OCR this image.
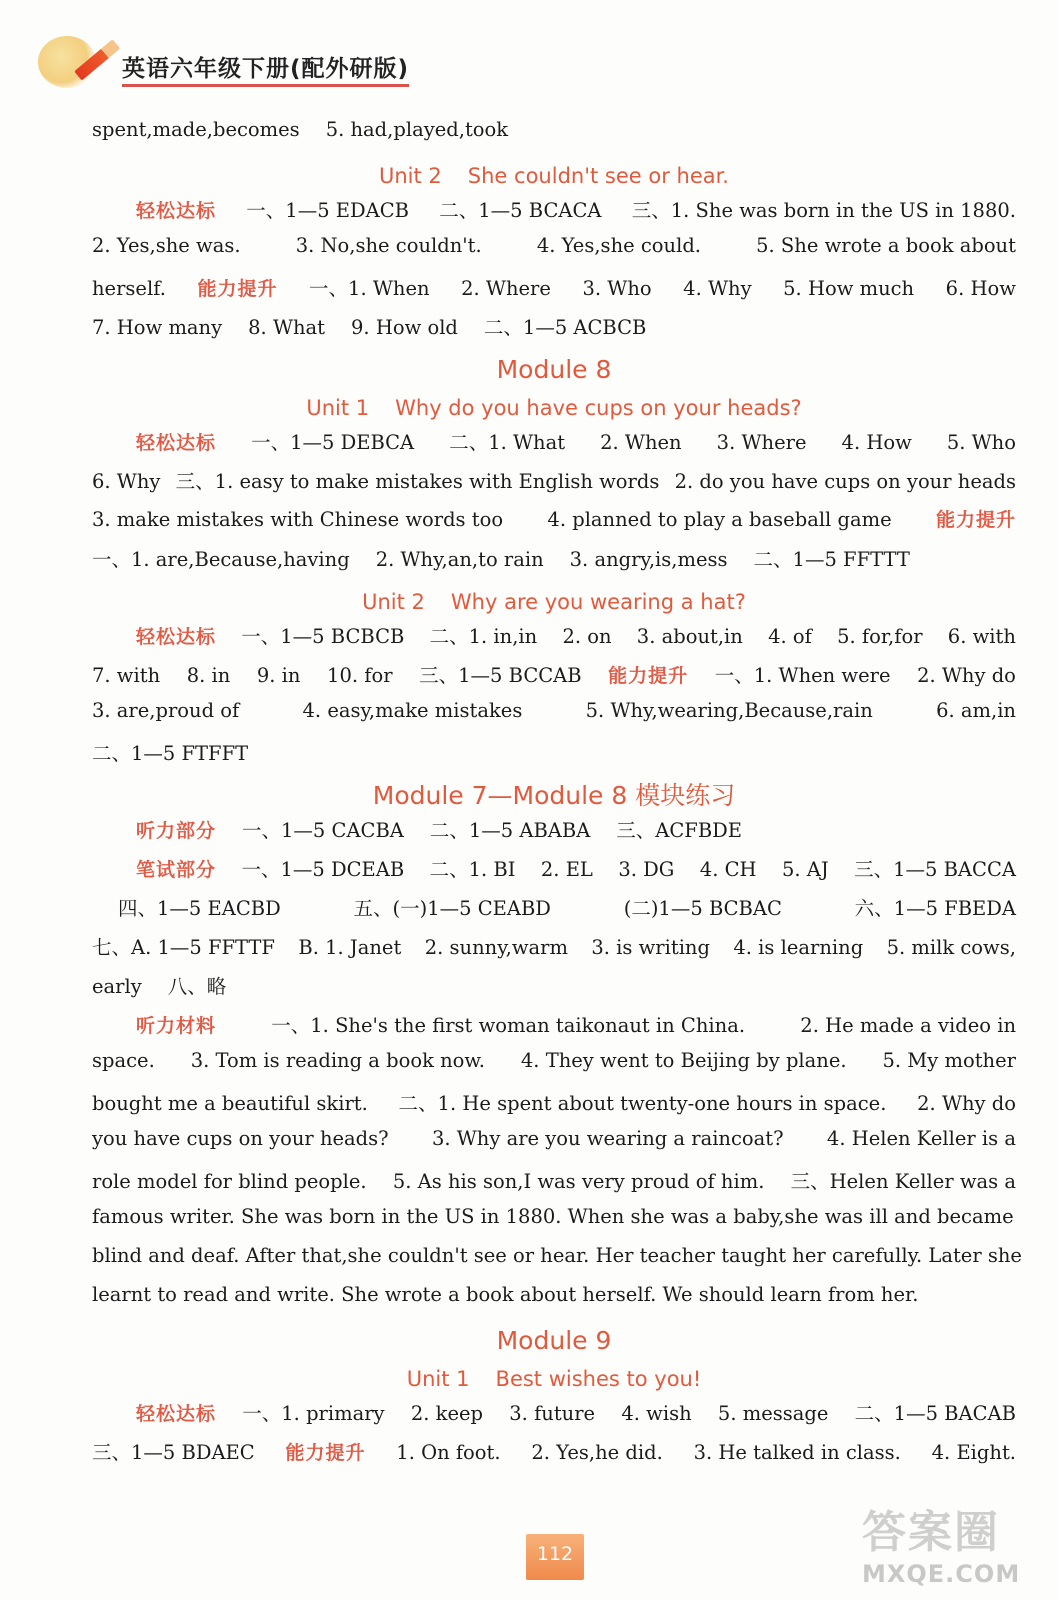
英语六年级下册(配外研版)
spent,made,becomes 5. had,played,took
Unit 2 She couldn't see or hear.
轻松达标 一、1—5 EDACB 二、1—5 BCACA 三、1. She was born in the US in 1880.
2. Yes,she was.	3. No,she couldn't.	4. Yes,she could.	5. She wrote a book about
herself. 能力提升 一、1. When 2. Where 3. Who 4. Why 5. How much 6. How
7. How many 8. What 9. How old 二、1—5 ACBCB
Module 8
Unit 1 Why do you have cups on your heads?
轻松达标 一、1—5 DEBCA 二、1. What 2. When 3. Where 4. How 5. Who
6. Why 三、1. easy to make mistakes with English words 2. do you have cups on your heads
3. make mistakes with Chinese words too 4. planned to play a baseball game 能力提升
一、1. are,Because,having 2. Why,an,to rain 3. angry,is,mess 二、1—5 FFTTT
Unit 2 Why are you wearing a hat?
轻松达标 一、1—5 BCBCB 二、1. in,in 2. on 3. about,in 4. of 5. for,for 6. with
7. with 8. in 9. in 10. for 三、1—5 BCCAB 能力提升 一、1. When were 2. Why do
3. are,proud of	4. easy,make mistakes	5. Why,wearing,Because,rain	6. am,in
二、1—5 FTFFT
Module 7—Module 8 模块练习
听力部分 一、1—5 CACBA 二、1—5 ABABA 三、ACFBDE
笔试部分 一、1—5 DCEAB 二、1. BI 2. EL 3. DG 4. CH 5. AJ 三、1—5 BACCA
四、1—5 EACBD	五、(一)1—5 CEABD	(二)1—5 BCBAC	六、1—5 FBEDA
七、A. 1—5 FFTTF B. 1. Janet 2. sunny,warm 3. is writing 4. is learning 5. milk cows,
early 八、略
听力材料	一、1. She's the first woman taikonaut in China.	2. He made a video in
space. 3. Tom is reading a book now. 4. They went to Beijing by plane. 5. My mother
bought me a beautiful skirt. 二、1. He spent about twenty-one hours in space. 2. Why do
you have cups on your heads? 3. Why are you wearing a raincoat? 4. Helen Keller is a
role model for blind people. 5. As his son,I was very proud of him. 三、Helen Keller was a
famous writer. She was born in the US in 1880. When she was a baby,she was ill and became
blind and deaf. After that,she couldn't see or hear. Her teacher taught her carefully. Later she
learnt to read and write. She wrote a book about herself. We should learn from her.
Module 9
Unit 1 Best wishes to you!
轻松达标 一、1. primary 2. keep 3. future 4. wish 5. message 二、1—5 BACAB
三、1—5 BDAEC 能力提升 1. On foot. 2. Yes,he did. 3. He talked in class. 4. Eight.
112	答案圈
MXQE.COM
